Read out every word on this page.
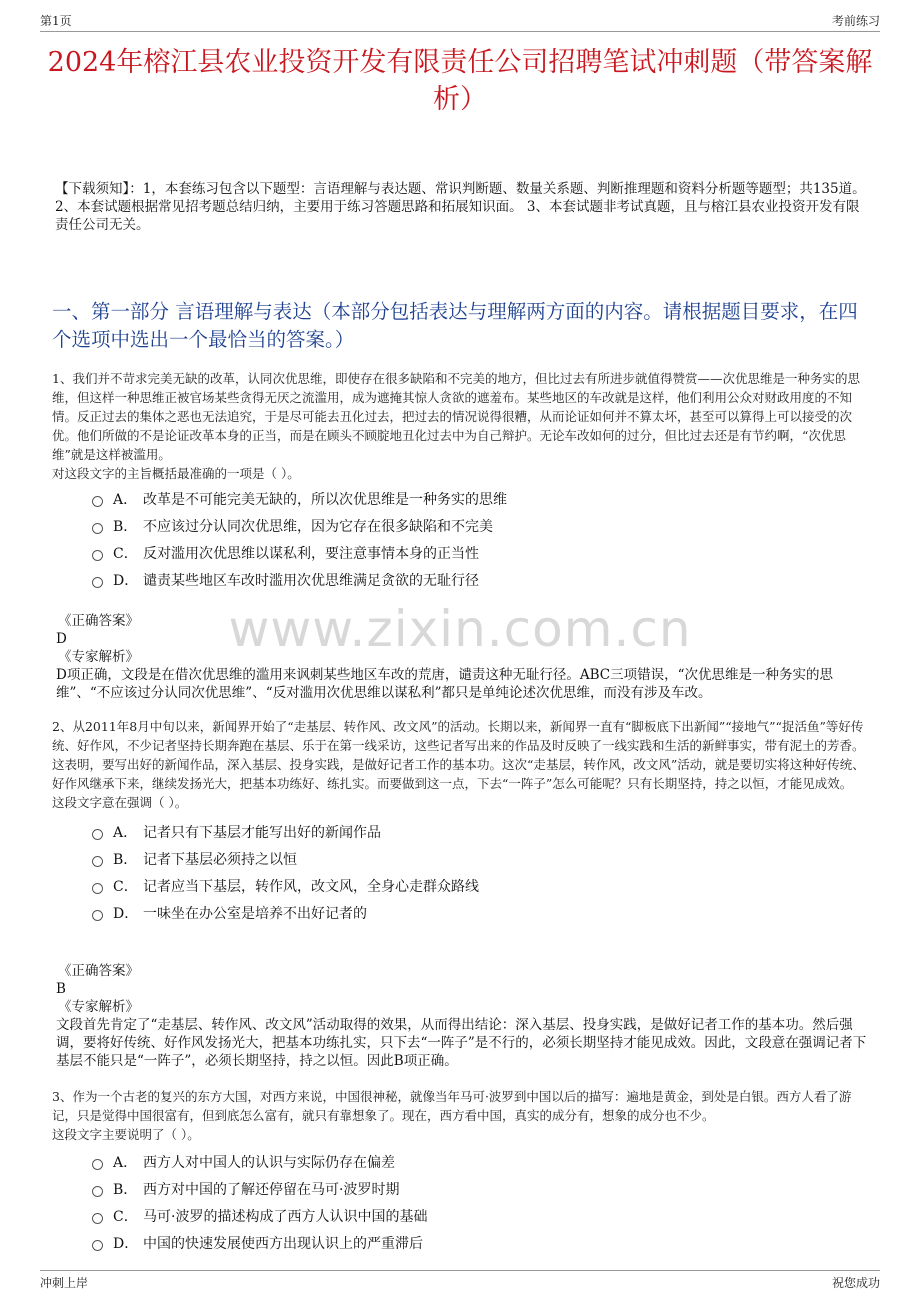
第1页	考前练习
2024年榕江县农业投资开发有限责任公司招聘笔试冲刺题（带答案解析）
【下载须知】：1，本套练习包含以下题型：言语理解与表达题、常识判断题、数量关系题、判断推理题和资料分析题等题型；共135道。 2、本套试题根据常见招考题总结归纳，主要用于练习答题思路和拓展知识面。 3、本套试题非考试真题，且与榕江县农业投资开发有限责任公司无关。
一、第一部分 言语理解与表达（本部分包括表达与理解两方面的内容。请根据题目要求，在四个选项中选出一个最恰当的答案。）
www.zixin.com.cn
1、我们并不苛求完美无缺的改革，认同次优思维，即使存在很多缺陷和不完美的地方，但比过去有所进步就值得赞赏——次优思维是一种务实的思维，但这样一种思维正被官场某些贪得无厌之流滥用，成为遮掩其惊人贪欲的遮羞布。某些地区的车改就是这样，他们利用公众对财政用度的不知情。反正过去的集体之恶也无法追究，于是尽可能去丑化过去，把过去的情况说得很糟，从而论证如何并不算太坏，甚至可以算得上可以接受的次优。他们所做的不是论证改革本身的正当，而是在顾头不顾腚地丑化过去中为自己辩护。无论车改如何的过分，但比过去还是有节约啊，“次优思维”就是这样被滥用。
对这段文字的主旨概括最准确的一项是（ ）。
A． 改革是不可能完美无缺的，所以次优思维是一种务实的思维
B． 不应该过分认同次优思维，因为它存在很多缺陷和不完美
C． 反对滥用次优思维以谋私利，要注意事情本身的正当性
D． 谴责某些地区车改时滥用次优思维满足贪欲的无耻行径
《正确答案》
D
《专家解析》
D项正确，文段是在借次优思维的滥用来讽刺某些地区车改的荒唐，谴责这种无耻行径。ABC三项错误，“次优思维是一种务实的思维”、“不应该过分认同次优思维”、“反对滥用次优思维以谋私利”都只是单纯论述次优思维，而没有涉及车改。
2、从2011年8月中旬以来，新闻界开始了“走基层、转作风、改文风”的活动。长期以来，新闻界一直有“脚板底下出新闻”“接地气”“捉活鱼”等好传统、好作风，不少记者坚持长期奔跑在基层、乐于在第一线采访，这些记者写出来的作品及时反映了一线实践和生活的新鲜事实，带有泥土的芳香。这表明，要写出好的新闻作品，深入基层、投身实践，是做好记者工作的基本功。这次“走基层，转作风，改文风”活动，就是要切实将这种好传统、好作风继承下来，继续发扬光大，把基本功练好、练扎实。而要做到这一点，下去“一阵子”怎么可能呢？只有长期坚持，持之以恒，才能见成效。
这段文字意在强调（ ）。
A． 记者只有下基层才能写出好的新闻作品
B． 记者下基层必须持之以恒
C． 记者应当下基层，转作风，改文风，全身心走群众路线
D． 一味坐在办公室是培养不出好记者的
《正确答案》
B
《专家解析》
文段首先肯定了“走基层、转作风、改文风”活动取得的效果，从而得出结论：深入基层、投身实践，是做好记者工作的基本功。然后强调，要将好传统、好作风发扬光大，把基本功练扎实，只下去“一阵子”是不行的，必须长期坚持才能见成效。因此，文段意在强调记者下基层不能只是“一阵子”，必须长期坚持，持之以恒。因此B项正确。
3、作为一个古老的复兴的东方大国，对西方来说，中国很神秘，就像当年马可·波罗到中国以后的描写：遍地是黄金，到处是白银。西方人看了游记，只是觉得中国很富有，但到底怎么富有，就只有靠想象了。现在，西方看中国，真实的成分有，想象的成分也不少。
这段文字主要说明了（ ）。
A． 西方人对中国人的认识与实际仍存在偏差
B． 西方对中国的了解还停留在马可·波罗时期
C． 马可·波罗的描述构成了西方人认识中国的基础
D． 中国的快速发展使西方出现认识上的严重滞后
冲刺上岸	祝您成功
